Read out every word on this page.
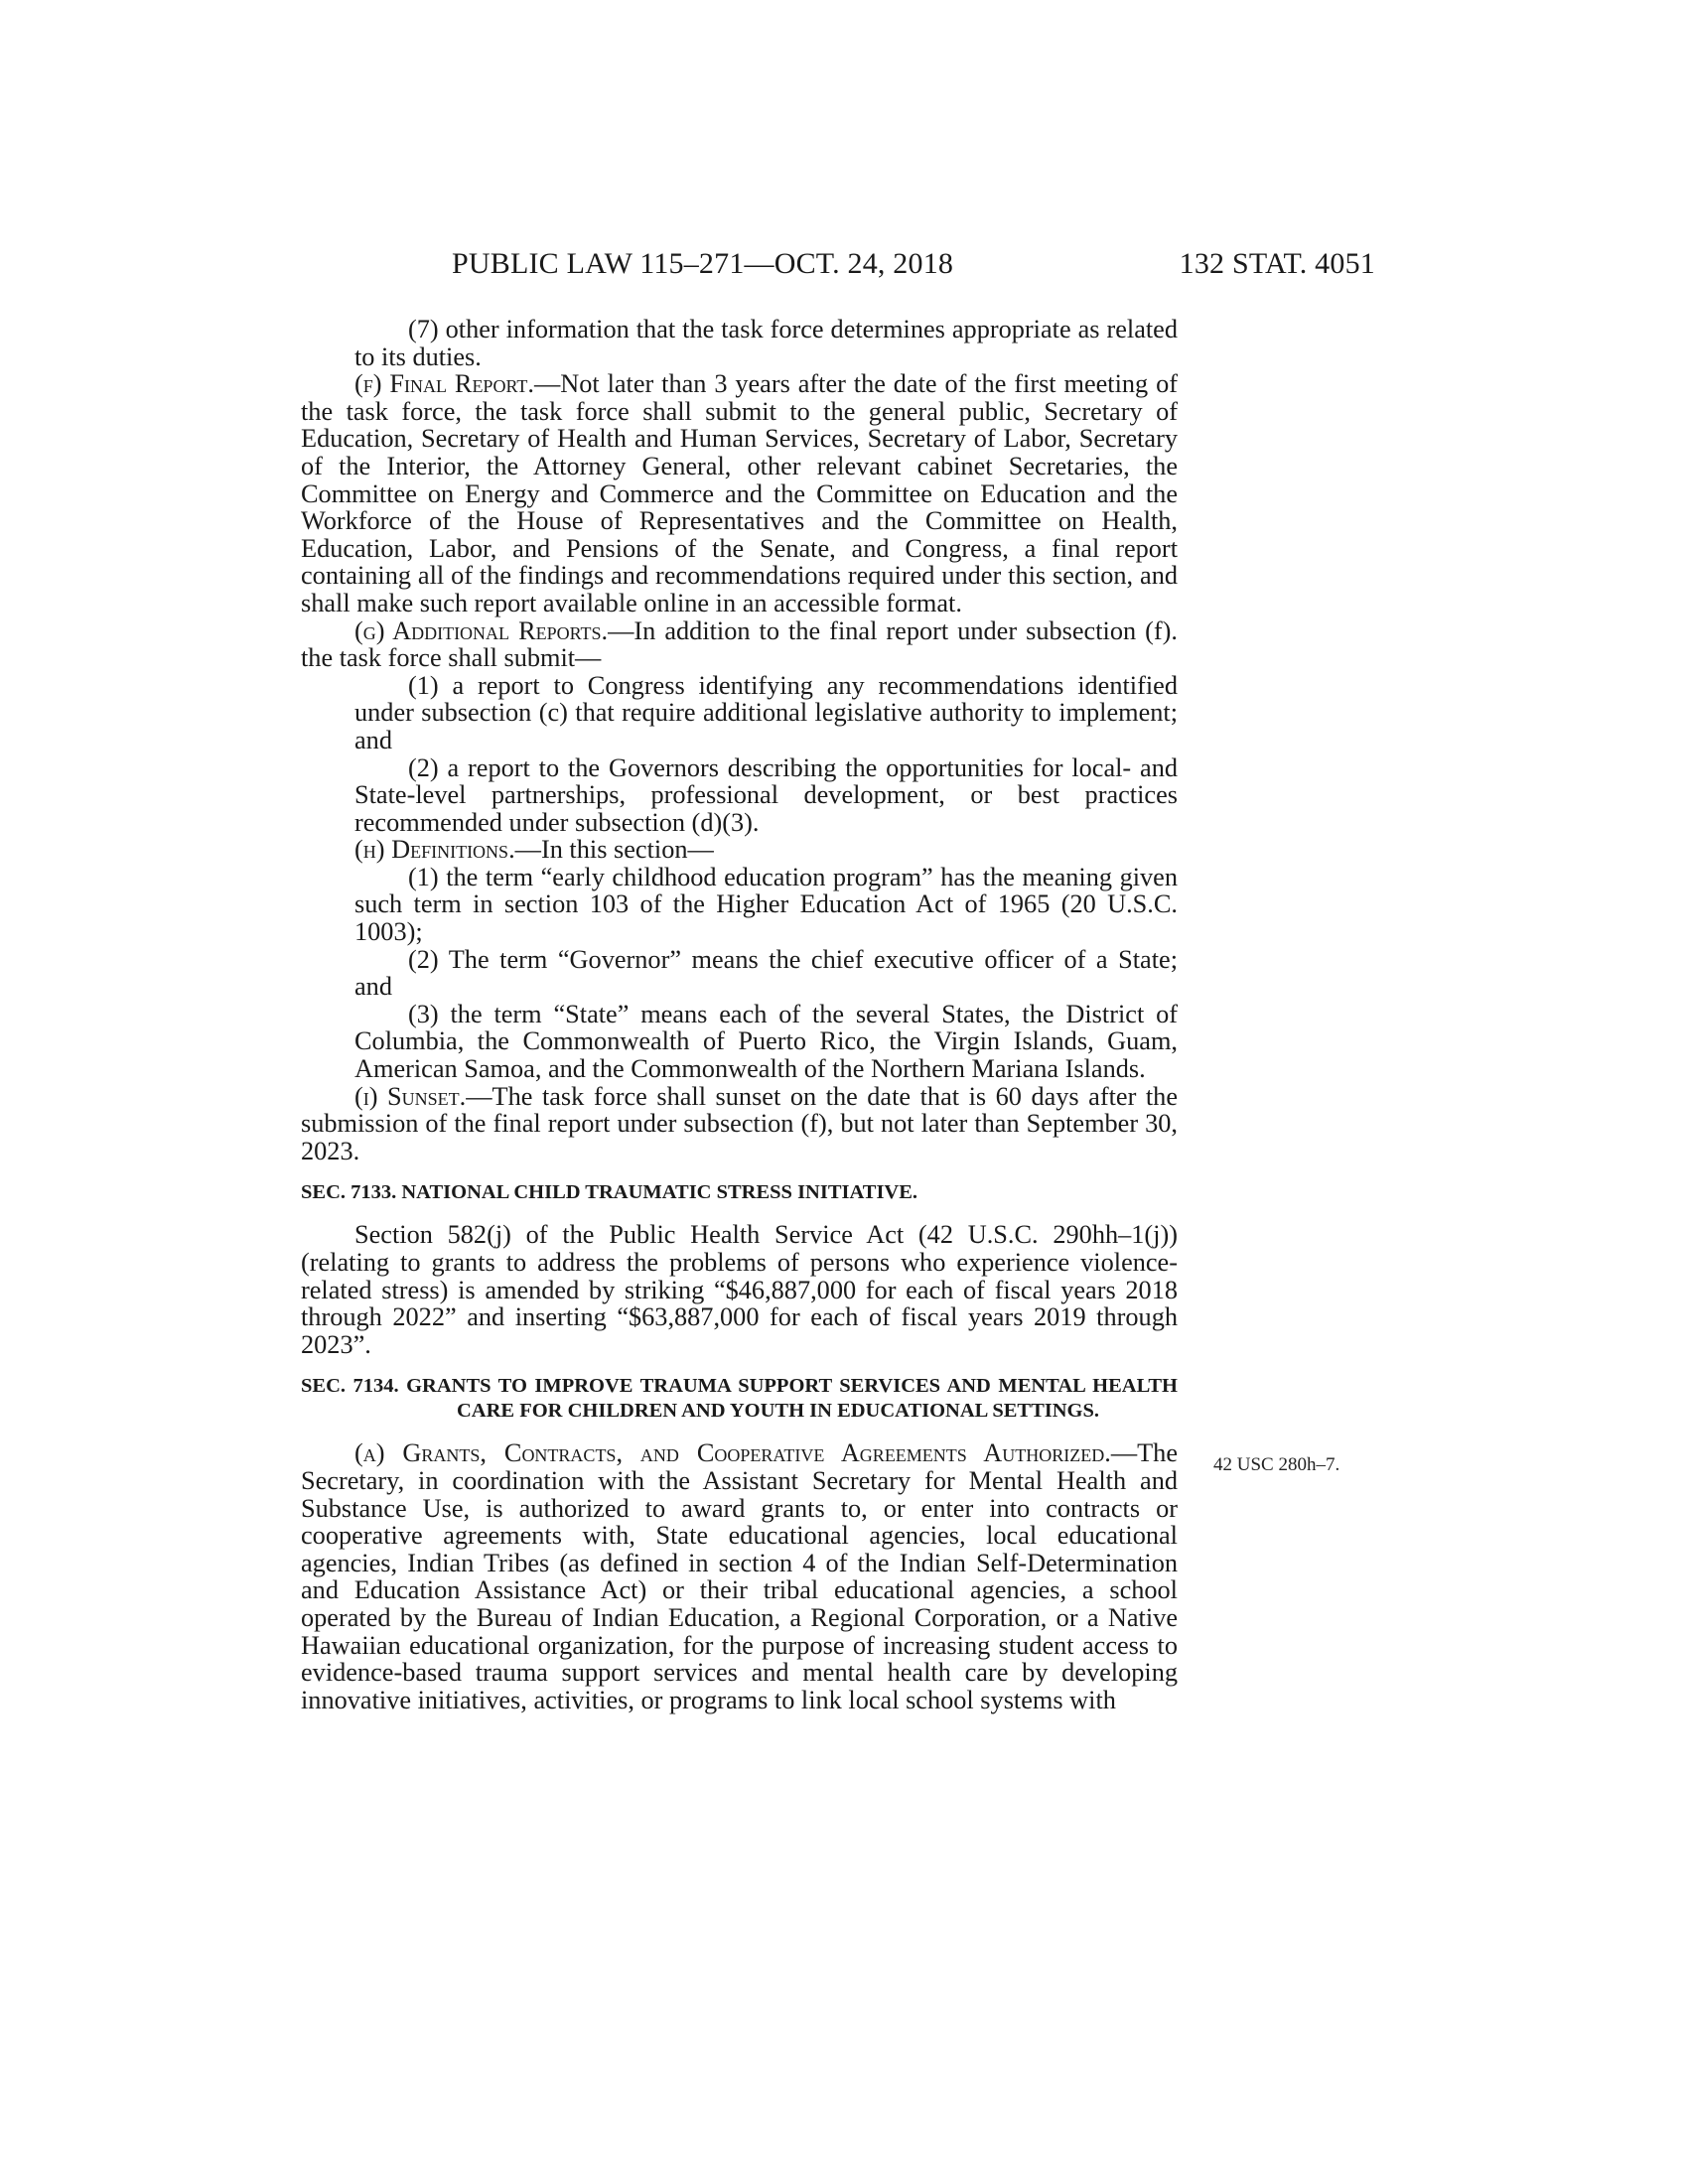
PUBLIC LAW 115–271—OCT. 24, 2018	132 STAT. 4051

(7) other information that the task force determines appropriate as related to its duties.

(f) Final Report.—Not later than 3 years after the date of the first meeting of the task force, the task force shall submit to the general public, Secretary of Education, Secretary of Health and Human Services, Secretary of Labor, Secretary of the Interior, the Attorney General, other relevant cabinet Secretaries, the Committee on Energy and Commerce and the Committee on Education and the Workforce of the House of Representatives and the Committee on Health, Education, Labor, and Pensions of the Senate, and Congress, a final report containing all of the findings and recommendations required under this section, and shall make such report available online in an accessible format.

(g) Additional Reports.—In addition to the final report under subsection (f). the task force shall submit—

(1) a report to Congress identifying any recommendations identified under subsection (c) that require additional legislative authority to implement; and

(2) a report to the Governors describing the opportunities for local- and State-level partnerships, professional development, or best practices recommended under subsection (d)(3).

(h) Definitions.—In this section—

(1) the term “early childhood education program” has the meaning given such term in section 103 of the Higher Education Act of 1965 (20 U.S.C. 1003);

(2) The term “Governor” means the chief executive officer of a State; and

(3) the term “State” means each of the several States, the District of Columbia, the Commonwealth of Puerto Rico, the Virgin Islands, Guam, American Samoa, and the Commonwealth of the Northern Mariana Islands.

(i) Sunset.—The task force shall sunset on the date that is 60 days after the submission of the final report under subsection (f), but not later than September 30, 2023.

SEC. 7133. NATIONAL CHILD TRAUMATIC STRESS INITIATIVE.

Section 582(j) of the Public Health Service Act (42 U.S.C. 290hh–1(j)) (relating to grants to address the problems of persons who experience violence-related stress) is amended by striking “$46,887,000 for each of fiscal years 2018 through 2022” and inserting “$63,887,000 for each of fiscal years 2019 through 2023”.

SEC. 7134. GRANTS TO IMPROVE TRAUMA SUPPORT SERVICES AND MENTAL HEALTH CARE FOR CHILDREN AND YOUTH IN EDUCATIONAL SETTINGS.

(a) Grants, Contracts, and Cooperative Agreements Authorized.—The Secretary, in coordination with the Assistant Secretary for Mental Health and Substance Use, is authorized to award grants to, or enter into contracts or cooperative agreements with, State educational agencies, local educational agencies, Indian Tribes (as defined in section 4 of the Indian Self-Determination and Education Assistance Act) or their tribal educational agencies, a school operated by the Bureau of Indian Education, a Regional Corporation, or a Native Hawaiian educational organization, for the purpose of increasing student access to evidence-based trauma support services and mental health care by developing innovative initiatives, activities, or programs to link local school systems with

42 USC 280h–7.
